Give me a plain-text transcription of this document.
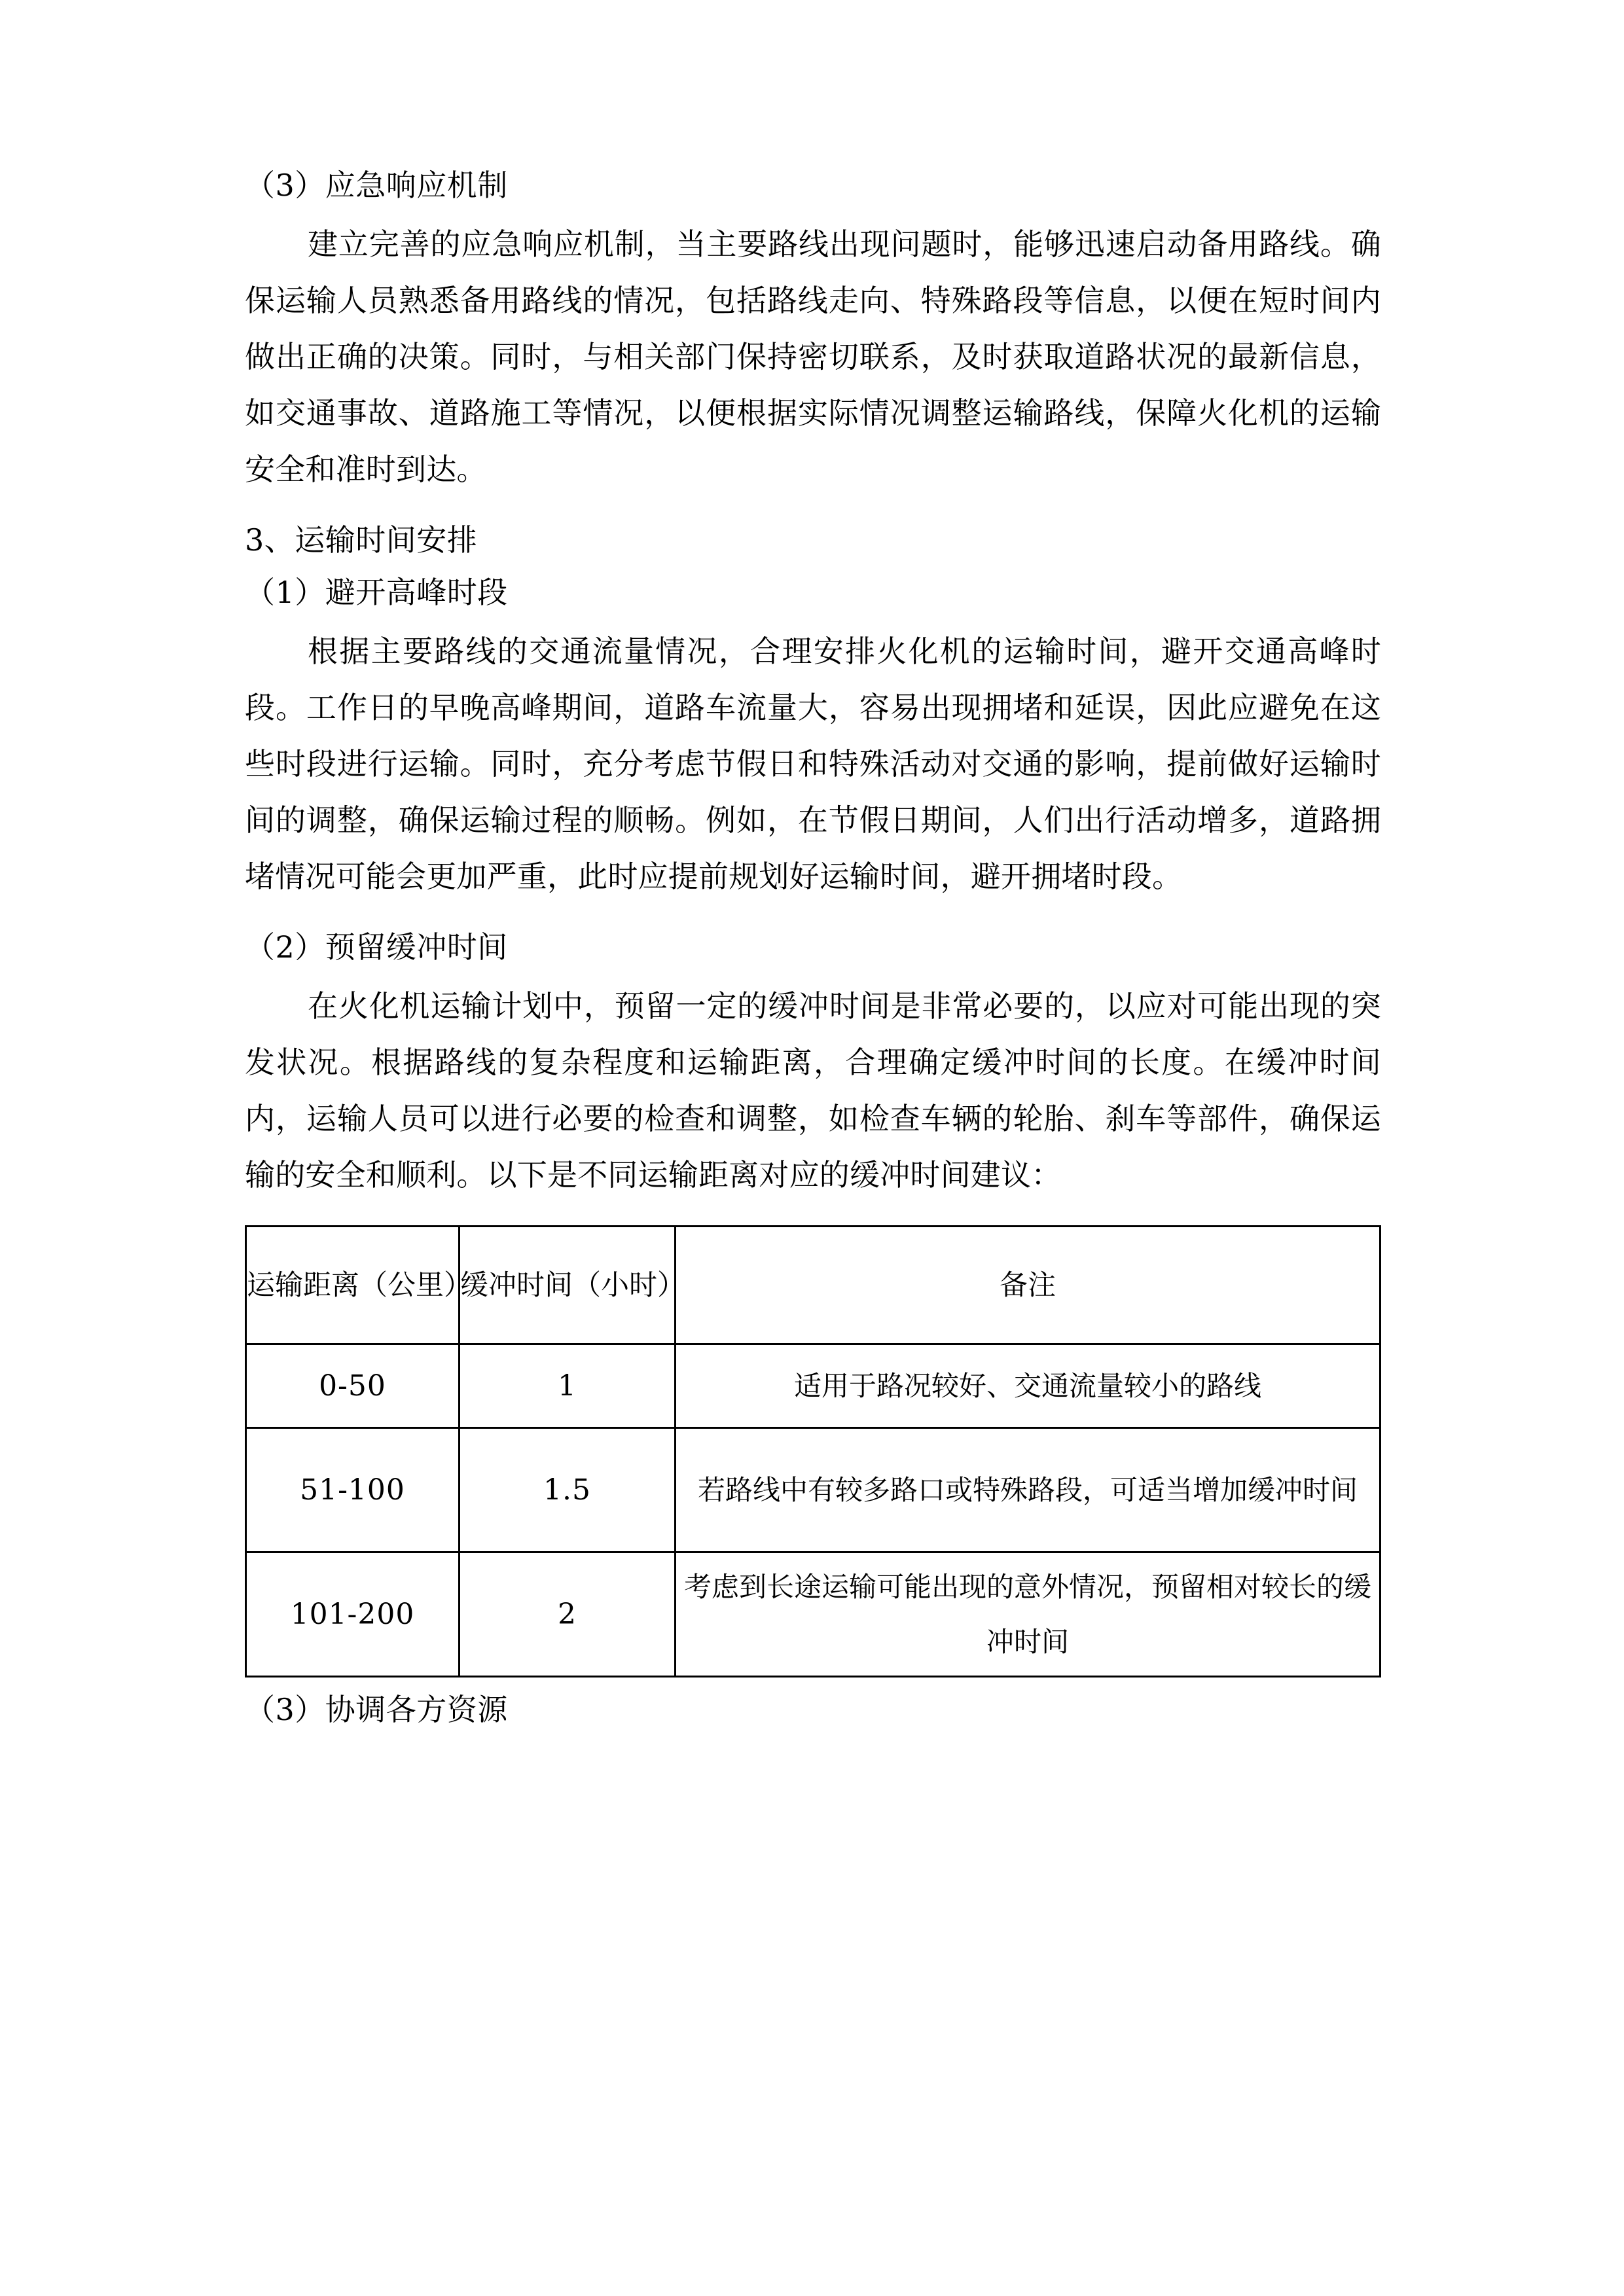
（3）应急响应机制

建立完善的应急响应机制，当主要路线出现问题时，能够迅速启动备用路线。确保运输人员熟悉备用路线的情况，包括路线走向、特殊路段等信息，以便在短时间内做出正确的决策。同时，与相关部门保持密切联系，及时获取道路状况的最新信息，如交通事故、道路施工等情况，以便根据实际情况调整运输路线，保障火化机的运输安全和准时到达。

3、运输时间安排

（1）避开高峰时段

根据主要路线的交通流量情况，合理安排火化机的运输时间，避开交通高峰时段。工作日的早晚高峰期间，道路车流量大，容易出现拥堵和延误，因此应避免在这些时段进行运输。同时，充分考虑节假日和特殊活动对交通的影响，提前做好运输时间的调整，确保运输过程的顺畅。例如，在节假日期间，人们出行活动增多，道路拥堵情况可能会更加严重，此时应提前规划好运输时间，避开拥堵时段。

（2）预留缓冲时间

在火化机运输计划中，预留一定的缓冲时间是非常必要的，以应对可能出现的突发状况。根据路线的复杂程度和运输距离，合理确定缓冲时间的长度。在缓冲时间内，运输人员可以进行必要的检查和调整，如检查车辆的轮胎、刹车等部件，确保运输的安全和顺利。以下是不同运输距离对应的缓冲时间建议：

运输距离（公里）	缓冲时间（小时）	备注
0-50	1	适用于路况较好、交通流量较小的路线
51-100	1.5	若路线中有较多路口或特殊路段，可适当增加缓冲时间
101-200	2	考虑到长途运输可能出现的意外情况，预留相对较长的缓冲时间

（3）协调各方资源
